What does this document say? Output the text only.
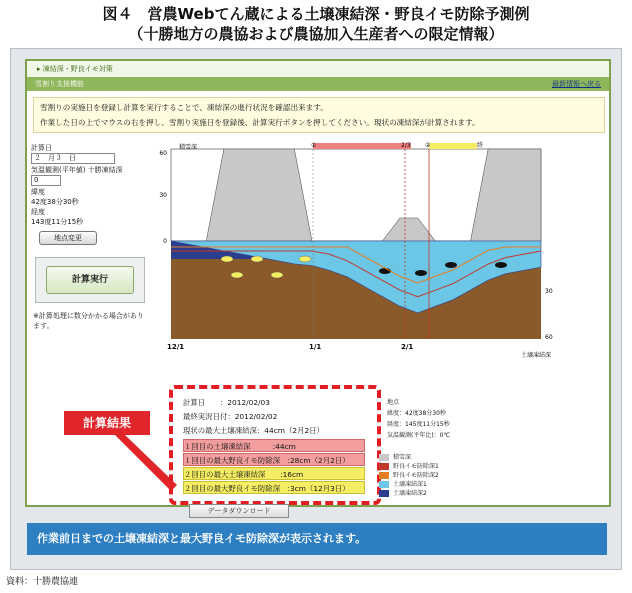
図４　営農Webてん蔵による土壌凍結深・野良イモ防除予測例
（十勝地方の農協および農協加入生産者への限定情報）
▸ 凍結深・野良イモ対策
雪割り支援機能	最新情報へ戻る
雪割りの実施日を登録し計算を実行することで、凍結深の進行状況を確認出来ます。
作業した日の上でマウスの右を押し、雪割り実施日を登録後、計算実行ボタンを押してください。現状の凍結深が計算されます。
計算日
２　月３　日
気温観測(平年値) 十勝凍結深
0
緯度
42度38分30秒
経度
143度11分15秒
地点変更
計算実行
※計算処理に数分かかる場合があります。
積雪深
60
30
0
30
60
12/1	1/1	2/1
土壌凍結深
①	2/3 ②	終
計算結果
計算日　　：2012/02/03
最終実況日付：2012/02/02
現状の最大土壌凍結深：44cm（2月2日）
１回目の土壌凍結深　　　:44cm
１回目の最大野良イモ防除深　:28cm（2月2日）
２回目の最大土壌凍結深　　:16cm
２回目の最大野良イモ防除深　:3cm（12月3日）
データダウンロード
地点
緯度：42度38分30秒
経度：145度11分15秒
気温観測(平年比)：0℃
積雪深
野良イモ防除深1
野良イモ防除深2
土壌凍結深1
土壌凍結深2
作業前日までの土壌凍結深と最大野良イモ防除深が表示されます。
資料：十勝農協連
